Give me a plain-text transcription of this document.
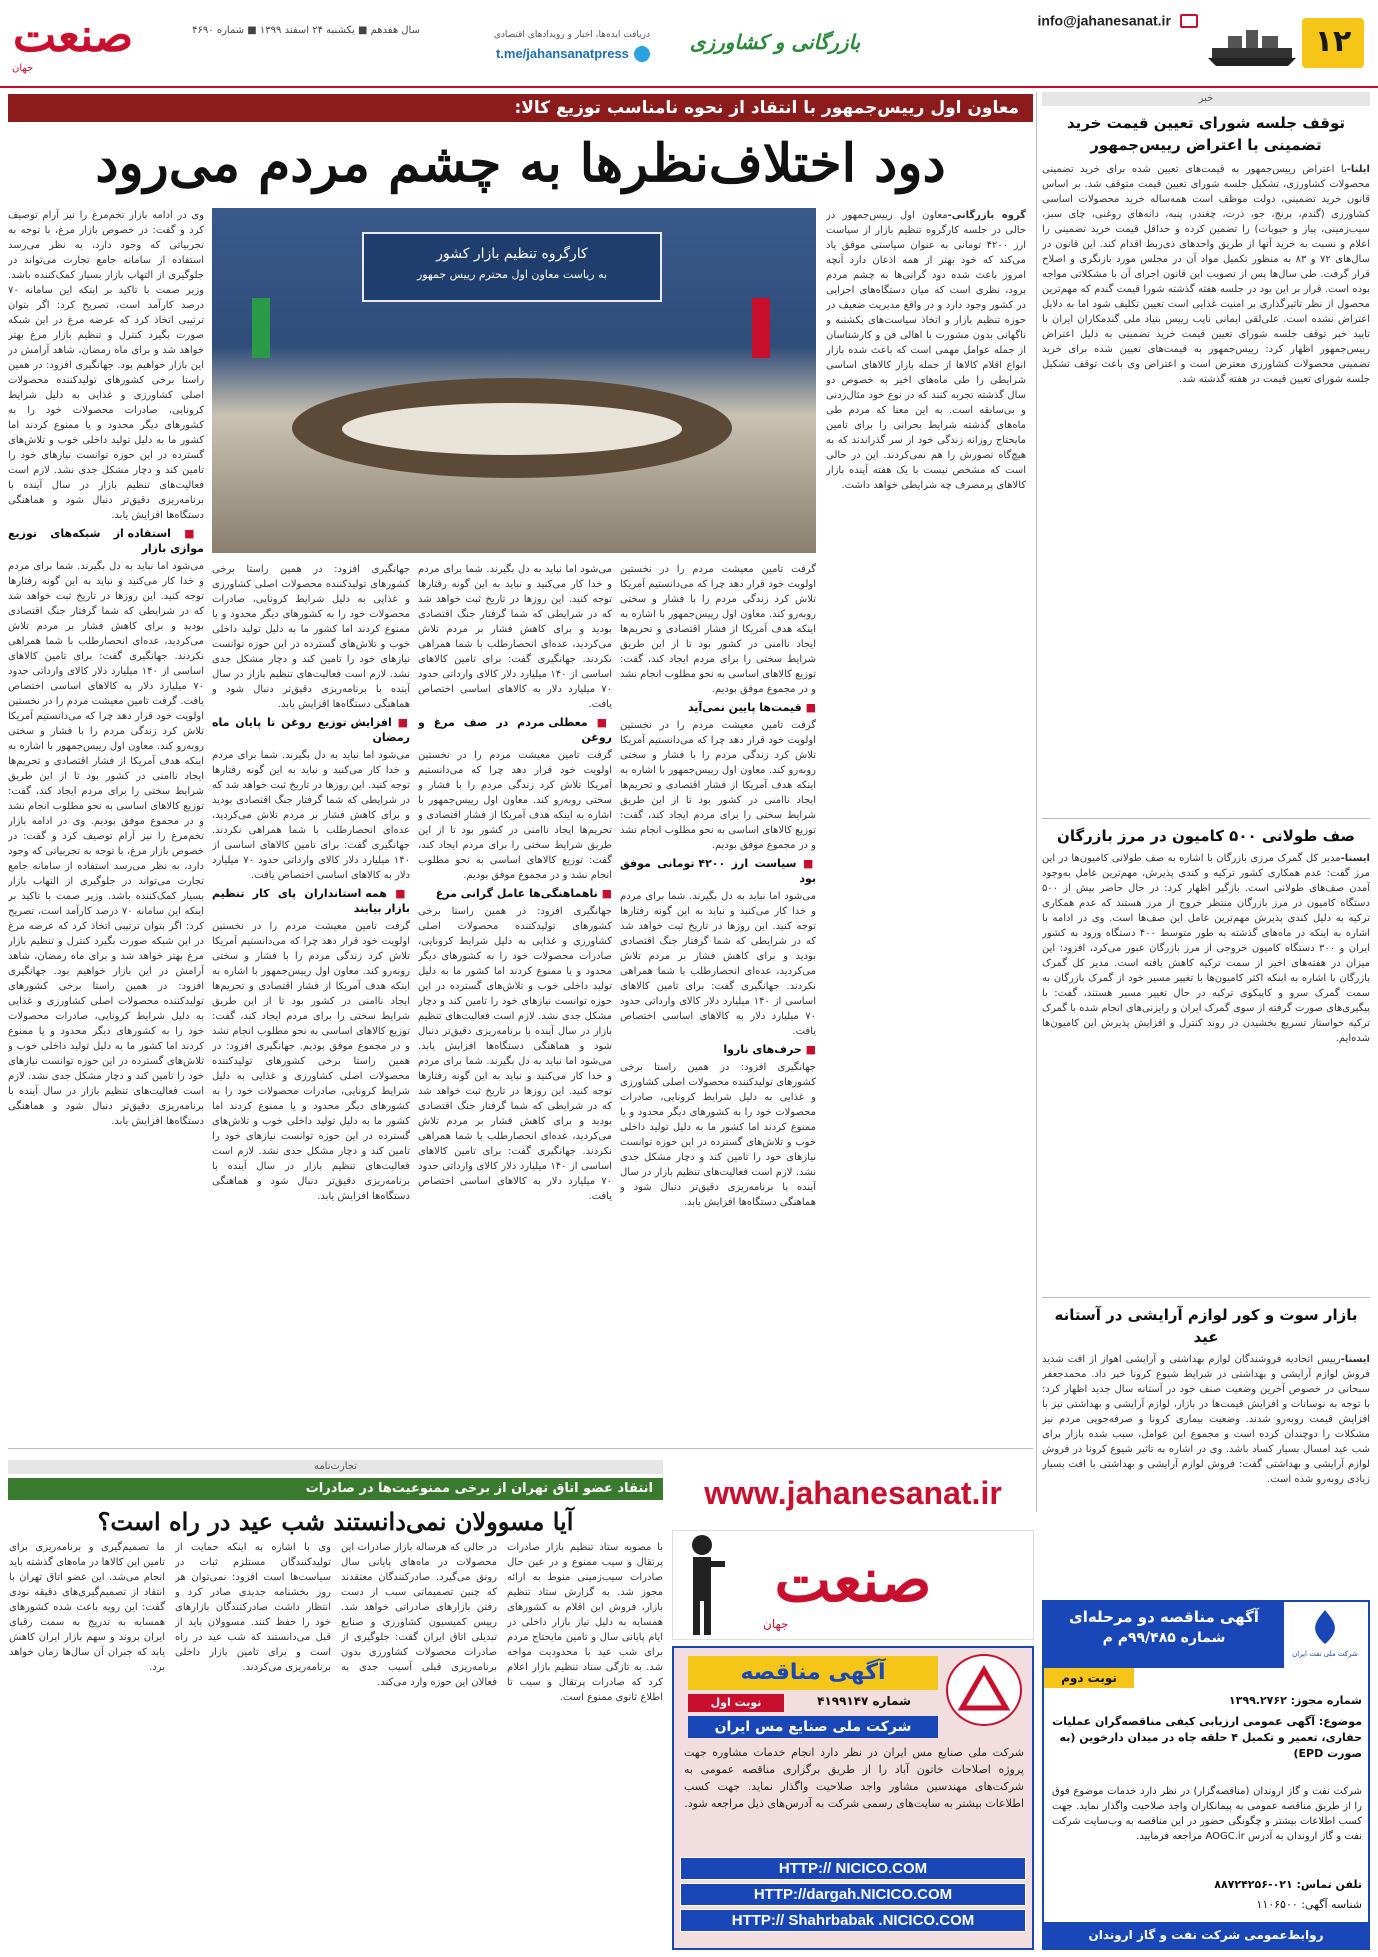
۱۲
info@jahanesanat.ir
بازرگانی و کشاورزی
دریافت ایده‌ها، اخبار و رویدادهای اقتصادی
t.me/jahansanatpress
سال هفدهم ■ یکشنبه ۲۴ اسفند ۱۳۹۹ ■ شماره ۴۶۹۰
صنعت
جهان
معاون اول رییس‌جمهور با انتقاد از نحوه نامناسب توزیع کالا:
دود اختلاف‌نظرها به چشم مردم می‌رود
گروه بازرگانی-معاون اول رییس‌جمهور در حالی در جلسه کارگروه تنظیم بازار از سیاست ارز ۴۲۰۰ تومانی به عنوان سیاستی موفق یاد می‌کند که خود بهتر از همه اذعان دارد آنچه امروز باعث شده دود گرانی‌ها به چشم مردم برود، نظری است که میان دستگاه‌های اجرایی در کشور وجود دارد و در واقع مدیریت ضعیف در حوزه تنظیم بازار و اتخاذ سیاست‌های یکشنبه و ناگهانی بدون مشورت با اهالی فن و کارشناسان از جمله عوامل مهمی است که باعث شده بازار انواع اقلام کالاها از جمله بازار کالاهای اساسی شرایطی را طی ماه‌های اخیر به خصوص دو سال گذشته تجربه کنند که در نوع خود مثال‌زدنی و بی‌سابقه است. به این معنا که مردم طی ماه‌های گذشته شرایط بحرانی را برای تامین مایحتاج روزانه زندگی خود از سر گذراندند که به هیچ‌گاه تصورش را هم نمی‌کردند. این در حالی است که مشخص نیست با یک هفته آینده بازار کالاهای پرمصرف چه شرایطی خواهد داشت.
کارگروه تنظیم بازار کشور
به ریاست معاون اول محترم رییس جمهور
گرفت تامین معیشت مردم را در نخستین اولویت خود قرار دهد چرا که می‌دانستیم آمریکا تلاش کرد زندگی مردم را با فشار و سختی روبه‌رو کند. معاون اول رییس‌جمهور با اشاره به اینکه هدف آمریکا از فشار اقتصادی و تحریم‌ها ایجاد ناامنی در کشور بود تا از این طریق شرایط سختی را برای مردم ایجاد کند، گفت: توزیع کالاهای اساسی به نحو مطلوب انجام نشد و در مجموع موفق بودیم.
■ قیمت‌ها پایین نمی‌آید
گرفت تامین معیشت مردم را در نخستین اولویت خود قرار دهد چرا که می‌دانستیم آمریکا تلاش کرد زندگی مردم را با فشار و سختی روبه‌رو کند. معاون اول رییس‌جمهور با اشاره به اینکه هدف آمریکا از فشار اقتصادی و تحریم‌ها ایجاد ناامنی در کشور بود تا از این طریق شرایط سختی را برای مردم ایجاد کند، گفت: توزیع کالاهای اساسی به نحو مطلوب انجام نشد و در مجموع موفق بودیم.
■ سیاست ارز ۴۲۰۰ تومانی موفق بود
می‌شود اما نباید به دل بگیرند. شما برای مردم و خدا کار می‌کنید و نباید به این گونه رفتارها توجه کنید. این روزها در تاریخ ثبت خواهد شد که در شرایطی که شما گرفتار جنگ اقتصادی بودید و برای کاهش فشار بر مردم تلاش می‌کردید، عده‌ای انحصارطلب با شما همراهی نکردند. جهانگیری گفت: برای تامین کالاهای اساسی از ۱۴۰ میلیارد دلار کالای وارداتی حدود ۷۰ میلیارد دلار به کالاهای اساسی اختصاص یافت.
■ حرف‌های ناروا
جهانگیری افزود: در همین راستا برخی کشورهای تولیدکننده محصولات اصلی کشاورزی و غذایی به دلیل شرایط کرونایی، صادرات محصولات خود را به کشورهای دیگر محدود و یا ممنوع کردند اما کشور ما به دلیل تولید داخلی خوب و تلاش‌های گسترده در این حوزه توانست نیازهای خود را تامین کند و دچار مشکل جدی نشد. لازم است فعالیت‌های تنظیم بازار در سال آینده با برنامه‌ریزی دقیق‌تر دنبال شود و هماهنگی دستگاه‌ها افزایش یابد.
می‌شود اما نباید به دل بگیرند. شما برای مردم و خدا کار می‌کنید و نباید به این گونه رفتارها توجه کنید. این روزها در تاریخ ثبت خواهد شد که در شرایطی که شما گرفتار جنگ اقتصادی بودید و برای کاهش فشار بر مردم تلاش می‌کردید، عده‌ای انحصارطلب با شما همراهی نکردند. جهانگیری گفت: برای تامین کالاهای اساسی از ۱۴۰ میلیارد دلار کالای وارداتی حدود ۷۰ میلیارد دلار به کالاهای اساسی اختصاص یافت.
■ معطلی مردم در صف مرغ و روغن
گرفت تامین معیشت مردم را در نخستین اولویت خود قرار دهد چرا که می‌دانستیم آمریکا تلاش کرد زندگی مردم را با فشار و سختی روبه‌رو کند. معاون اول رییس‌جمهور با اشاره به اینکه هدف آمریکا از فشار اقتصادی و تحریم‌ها ایجاد ناامنی در کشور بود تا از این طریق شرایط سختی را برای مردم ایجاد کند، گفت: توزیع کالاهای اساسی به نحو مطلوب انجام نشد و در مجموع موفق بودیم.
■ ناهماهنگی‌ها عامل گرانی مرغ
جهانگیری افزود: در همین راستا برخی کشورهای تولیدکننده محصولات اصلی کشاورزی و غذایی به دلیل شرایط کرونایی، صادرات محصولات خود را به کشورهای دیگر محدود و یا ممنوع کردند اما کشور ما به دلیل تولید داخلی خوب و تلاش‌های گسترده در این حوزه توانست نیازهای خود را تامین کند و دچار مشکل جدی نشد. لازم است فعالیت‌های تنظیم بازار در سال آینده با برنامه‌ریزی دقیق‌تر دنبال شود و هماهنگی دستگاه‌ها افزایش یابد. می‌شود اما نباید به دل بگیرند. شما برای مردم و خدا کار می‌کنید و نباید به این گونه رفتارها توجه کنید. این روزها در تاریخ ثبت خواهد شد که در شرایطی که شما گرفتار جنگ اقتصادی بودید و برای کاهش فشار بر مردم تلاش می‌کردید، عده‌ای انحصارطلب با شما همراهی نکردند. جهانگیری گفت: برای تامین کالاهای اساسی از ۱۴۰ میلیارد دلار کالای وارداتی حدود ۷۰ میلیارد دلار به کالاهای اساسی اختصاص یافت.
جهانگیری افزود: در همین راستا برخی کشورهای تولیدکننده محصولات اصلی کشاورزی و غذایی به دلیل شرایط کرونایی، صادرات محصولات خود را به کشورهای دیگر محدود و یا ممنوع کردند اما کشور ما به دلیل تولید داخلی خوب و تلاش‌های گسترده در این حوزه توانست نیازهای خود را تامین کند و دچار مشکل جدی نشد. لازم است فعالیت‌های تنظیم بازار در سال آینده با برنامه‌ریزی دقیق‌تر دنبال شود و هماهنگی دستگاه‌ها افزایش یابد.
■ افزایش توزیع روغن تا پایان ماه رمضان
می‌شود اما نباید به دل بگیرند. شما برای مردم و خدا کار می‌کنید و نباید به این گونه رفتارها توجه کنید. این روزها در تاریخ ثبت خواهد شد که در شرایطی که شما گرفتار جنگ اقتصادی بودید و برای کاهش فشار بر مردم تلاش می‌کردید، عده‌ای انحصارطلب با شما همراهی نکردند. جهانگیری گفت: برای تامین کالاهای اساسی از ۱۴۰ میلیارد دلار کالای وارداتی حدود ۷۰ میلیارد دلار به کالاهای اساسی اختصاص یافت.
■ همه استانداران پای کار تنظیم بازار بیایند
گرفت تامین معیشت مردم را در نخستین اولویت خود قرار دهد چرا که می‌دانستیم آمریکا تلاش کرد زندگی مردم را با فشار و سختی روبه‌رو کند. معاون اول رییس‌جمهور با اشاره به اینکه هدف آمریکا از فشار اقتصادی و تحریم‌ها ایجاد ناامنی در کشور بود تا از این طریق شرایط سختی را برای مردم ایجاد کند، گفت: توزیع کالاهای اساسی به نحو مطلوب انجام نشد و در مجموع موفق بودیم. جهانگیری افزود: در همین راستا برخی کشورهای تولیدکننده محصولات اصلی کشاورزی و غذایی به دلیل شرایط کرونایی، صادرات محصولات خود را به کشورهای دیگر محدود و یا ممنوع کردند اما کشور ما به دلیل تولید داخلی خوب و تلاش‌های گسترده در این حوزه توانست نیازهای خود را تامین کند و دچار مشکل جدی نشد. لازم است فعالیت‌های تنظیم بازار در سال آینده با برنامه‌ریزی دقیق‌تر دنبال شود و هماهنگی دستگاه‌ها افزایش یابد.
وی در ادامه بازار تخم‌مرغ را نیز آرام توصیف کرد و گفت: در خصوص بازار مرغ، با توجه به تجربیاتی که وجود دارد، به نظر می‌رسد استفاده از سامانه جامع تجارت می‌تواند در جلوگیری از التهاب بازار بسیار کمک‌کننده باشد. وزیر صمت با تاکید بر اینکه این سامانه ۷۰ درصد کارآمد است، تصریح کرد: اگر بتوان ترتیبی اتخاذ کرد که عرضه مرغ در این شبکه صورت بگیرد کنترل و تنظیم بازار مرغ بهتر خواهد شد و برای ماه رمضان، شاهد آرامش در این بازار خواهیم بود. جهانگیری افزود: در همین راستا برخی کشورهای تولیدکننده محصولات اصلی کشاورزی و غذایی به دلیل شرایط کرونایی، صادرات محصولات خود را به کشورهای دیگر محدود و یا ممنوع کردند اما کشور ما به دلیل تولید داخلی خوب و تلاش‌های گسترده در این حوزه توانست نیازهای خود را تامین کند و دچار مشکل جدی نشد. لازم است فعالیت‌های تنظیم بازار در سال آینده با برنامه‌ریزی دقیق‌تر دنبال شود و هماهنگی دستگاه‌ها افزایش یابد.
■ استفاده از شبکه‌های توزیع موازی بازار
می‌شود اما نباید به دل بگیرند. شما برای مردم و خدا کار می‌کنید و نباید به این گونه رفتارها توجه کنید. این روزها در تاریخ ثبت خواهد شد که در شرایطی که شما گرفتار جنگ اقتصادی بودید و برای کاهش فشار بر مردم تلاش می‌کردید، عده‌ای انحصارطلب با شما همراهی نکردند. جهانگیری گفت: برای تامین کالاهای اساسی از ۱۴۰ میلیارد دلار کالای وارداتی حدود ۷۰ میلیارد دلار به کالاهای اساسی اختصاص یافت. گرفت تامین معیشت مردم را در نخستین اولویت خود قرار دهد چرا که می‌دانستیم آمریکا تلاش کرد زندگی مردم را با فشار و سختی روبه‌رو کند. معاون اول رییس‌جمهور با اشاره به اینکه هدف آمریکا از فشار اقتصادی و تحریم‌ها ایجاد ناامنی در کشور بود تا از این طریق شرایط سختی را برای مردم ایجاد کند، گفت: توزیع کالاهای اساسی به نحو مطلوب انجام نشد و در مجموع موفق بودیم. وی در ادامه بازار تخم‌مرغ را نیز آرام توصیف کرد و گفت: در خصوص بازار مرغ، با توجه به تجربیاتی که وجود دارد، به نظر می‌رسد استفاده از سامانه جامع تجارت می‌تواند در جلوگیری از التهاب بازار بسیار کمک‌کننده باشد. وزیر صمت با تاکید بر اینکه این سامانه ۷۰ درصد کارآمد است، تصریح کرد: اگر بتوان ترتیبی اتخاذ کرد که عرضه مرغ در این شبکه صورت بگیرد کنترل و تنظیم بازار مرغ بهتر خواهد شد و برای ماه رمضان، شاهد آرامش در این بازار خواهیم بود. جهانگیری افزود: در همین راستا برخی کشورهای تولیدکننده محصولات اصلی کشاورزی و غذایی به دلیل شرایط کرونایی، صادرات محصولات خود را به کشورهای دیگر محدود و یا ممنوع کردند اما کشور ما به دلیل تولید داخلی خوب و تلاش‌های گسترده در این حوزه توانست نیازهای خود را تامین کند و دچار مشکل جدی نشد. لازم است فعالیت‌های تنظیم بازار در سال آینده با برنامه‌ریزی دقیق‌تر دنبال شود و هماهنگی دستگاه‌ها افزایش یابد.
خبر
توقف جلسه شورای تعیین قیمت خرید تضمینی با اعتراض رییس‌جمهور
ایلنا-با اعتراض رییس‌جمهور به قیمت‌های تعیین شده برای خرید تضمینی محصولات کشاورزی، تشکیل جلسه شورای تعیین قیمت متوقف شد. بر اساس قانون خرید تضمینی، دولت موظف است همه‌ساله خرید محصولات اساسی کشاورزی (گندم، برنج، جو، ذرت، چغندر، پنبه، دانه‌های روغنی، چای سبز، سیب‌زمینی، پیاز و حبوبات) را تضمین کرده و حداقل قیمت خرید تضمینی را اعلام و نسبت به خرید آنها از طریق واحدهای ذی‌ربط اقدام کند. این قانون در سال‌های ۷۲ و ۸۳ به منظور تکمیل مواد آن در مجلس مورد بازنگری و اصلاح قرار گرفت. طی سال‌ها پس از تصویب این قانون اجرای آن با مشکلاتی مواجه بوده است. قرار بر این بود در جلسه هفته گذشته شورا قیمت گندم که مهم‌ترین محصول از نظر تاثیرگذاری بر امنیت غذایی است تعیین تکلیف شود اما به دلایل اعتراض نشده است. علی‌لقی ایمانی نایب رییس بنیاد ملی گندمکاران ایران با تایید خبر توقف جلسه شورای تعیین قیمت خرید تضمینی به دلیل اعتراض رییس‌جمهور اظهار کرد: رییس‌جمهور به قیمت‌های تعیین شده برای خرید تضمینی محصولات کشاورزی معترض است و اعتراض وی باعث توقف تشکیل جلسه شورای تعیین قیمت در هفته گذشته شد.
صف طولانی ۵۰۰ کامیون در مرز بازرگان
ایسنا-مدیر کل گمرک مرزی بازرگان با اشاره به صف طولانی کامیون‌ها در این مرز گفت: عدم همکاری کشور ترکیه و کندی پذیرش، مهم‌ترین عامل به‌وجود آمدن صف‌های طولانی است. بازگیر اظهار کرد: در حال حاضر بیش از ۵۰۰ دستگاه کامیون در مرز بازرگان منتظر خروج از مرز هستند که عدم همکاری ترکیه به دلیل کندی پذیرش مهم‌ترین عامل این صف‌ها است. وی در ادامه با اشاره به اینکه در ماه‌های گذشته به طور متوسط ۴۰۰ دستگاه ورود به کشور ایران و ۳۰۰ دستگاه کامیون خروجی از مرز بازرگان عبور می‌کرد، افزود: این میزان در هفته‌های اخیر از سمت ترکیه کاهش یافته است. مدیر کل گمرک بازرگان با اشاره به اینکه اکثر کامیون‌ها با تغییر مسیر خود از گمرک بازرگان به سمت گمرک سرو و کاپیکوی ترکیه در حال تغییر مسیر هستند، گفت: با پیگیری‌های صورت گرفته از سوی گمرک ایران و رایزنی‌های انجام شده با گمرک ترکیه خواستار تسریع بخشیدن در روند کنترل و افزایش پذیرش این کامیون‌ها شده‌ایم.
بازار سوت و کور لوازم آرایشی در آستانه عید
ایسنا-رییس اتحادیه فروشندگان لوازم بهداشتی و آرایشی اهواز از افت شدید فروش لوازم آرایشی و بهداشتی در شرایط شیوع کرونا خبر داد. محمدجعفر سبحانی در خصوص آخرین وضعیت صنف خود در آستانه سال جدید اظهار کرد: با توجه به نوسانات و افزایش قیمت‌ها در بازار، لوازم آرایشی و بهداشتی نیز با افزایش قیمت روبه‌رو شدند. وضعیت بیماری کرونا و صرفه‌جویی مردم نیز مشکلات را دوچندان کرده است و مجموع این عوامل، سبب شده بازار برای شب عید امسال بسیار کساد باشد. وی در اشاره به تاثیر شیوع کرونا در فروش لوازم آرایشی و بهداشتی گفت: فروش لوازم آرایشی و بهداشتی با افت بسیار زیادی روبه‌رو شده است.
تجارت‌نامه
انتقاد عضو اتاق تهران از برخی ممنوعیت‌ها در صادرات
آیا مسوولان نمی‌دانستند شب عید در راه است؟
با مصوبه ستاد تنظیم بازار صادرات پرتقال و سیب ممنوع و در عین حال صادرات سیب‌زمینی منوط به ارائه مجوز شد. به گزارش ستاد تنظیم بازار، فروش این اقلام به کشورهای همسایه به دلیل نیاز بازار داخلی در ایام پایانی سال و تامین مایحتاج مردم برای شب عید با محدودیت مواجه شد. به تازگی ستاد تنظیم بازار اعلام کرد که صادرات پرتقال و سیب تا اطلاع ثانوی ممنوع است.
در حالی که هرساله بازار صادرات این محصولات در ماه‌های پایانی سال رونق می‌گیرد. صادرکنندگان معتقدند که چنین تصمیماتی سبب از دست رفتن بازارهای صادراتی خواهد شد. رییس کمیسیون کشاورزی و صنایع تبدیلی اتاق ایران گفت: جلوگیری از صادرات محصولات کشاورزی بدون برنامه‌ریزی قبلی آسیب جدی به فعالان این حوزه وارد می‌کند.
وی با اشاره به اینکه حمایت از تولیدکنندگان مستلزم ثبات در سیاست‌ها است افزود: نمی‌توان هر روز بخشنامه جدیدی صادر کرد و انتظار داشت صادرکنندگان بازارهای خود را حفظ کنند. مسوولان باید از قبل می‌دانستند که شب عید در راه است و برای تامین بازار داخلی برنامه‌ریزی می‌کردند.
ما تصمیم‌گیری و برنامه‌ریزی برای تامین این کالاها در ماه‌های گذشته باید انجام می‌شد. این عضو اتاق تهران با انتقاد از تصمیم‌گیری‌های دقیقه نودی گفت: این رویه باعث شده کشورهای همسایه به تدریج به سمت رقبای ایران بروند و سهم بازار ایران کاهش یابد که جبران آن سال‌ها زمان خواهد برد.
www.jahanesanat.ir
صنعت
جهان
آگهی مناقصه
شماره ۴۱۹۹۱۴۷
نوبت اول
شرکت ملی صنایع مس ایران
شرکت ملی صنایع مس ایران در نظر دارد انجام خدمات مشاوره جهت پروژه اصلاحات خاتون آباد را از طریق برگزاری مناقصه عمومی به شرکت‌های مهندسین مشاور واجد صلاحیت واگذار نماید. جهت کسب اطلاعات بیشتر به سایت‌های رسمی شرکت به آدرس‌های ذیل مراجعه شود.
HTTP:// NICICO.COM
HTTP://dargah.NICICO.COM
HTTP:// Shahrbabak .NICICO.COM
آگهی مناقصه دو مرحله‌ای
شماره ۹۹/۴۸۵م م
نوبت دوم
شرکت ملی نفت ایران
شماره مجوز: ۱۳۹۹.۲۷۶۲
موضوع: آگهی عمومی ارزیابی کیفی مناقصه‌گران عملیات حفاری، تعمیر و تکمیل ۴ حلقه چاه در میدان دارخوین (به صورت EPD)
شرکت نفت و گاز اروندان (مناقصه‌گزار) در نظر دارد خدمات موضوع فوق را از طریق مناقصه عمومی به پیمانکاران واجد صلاحیت واگذار نماید. جهت کسب اطلاعات بیشتر و چگونگی حضور در این مناقصه به وب‌سایت شرکت نفت و گاز اروندان به آدرس AOGC.ir مراجعه فرمایید.
تلفن تماس: ۰۲۱-۸۸۷۲۴۲۵۶
شناسه آگهی: ۱۱۰۶۵۰۰
روابط‌عمومی شرکت نفت و گاز اروندان
